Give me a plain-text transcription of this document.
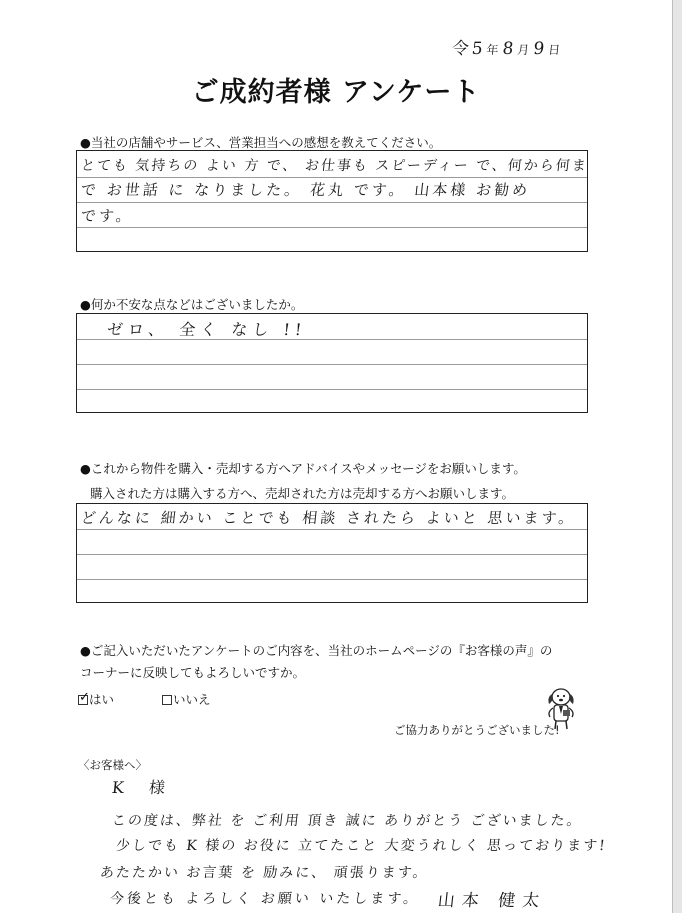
令5年 8月 9日
ご成約者様 アンケート
●当社の店舗やサービス、営業担当への感想を教えてください。
とても 気持ちの よい 方 で、 お仕事も スピーディー で、何から何ま
で お世話 に なりました。 花丸 です。 山本様 お勧め
です。
●何か不安な点などはございましたか。
ゼロ、 全く なし !!
●これから物件を購入・売却する方へアドバイスやメッセージをお願いします。
購入された方は購入する方へ、売却された方は売却する方へお願いします。
どんなに 細かい ことでも 相談 されたら よいと 思います。
●ご記入いただいたアンケートのご内容を、当社のホームページの『お客様の声』の
コーナーに反映してもよろしいですか。
✓はい	いいえ
ご協力ありがとうございました!
〈お客様へ〉
K 様
この度は、弊社 を ご利用 頂き 誠に ありがとう ございました。
少しでも K 様の お役に 立てたこと 大変うれしく 思っております!
あたたかい お言葉 を 励みに、 頑張ります。
今後とも よろしく お願い いたします。 山本 健太
